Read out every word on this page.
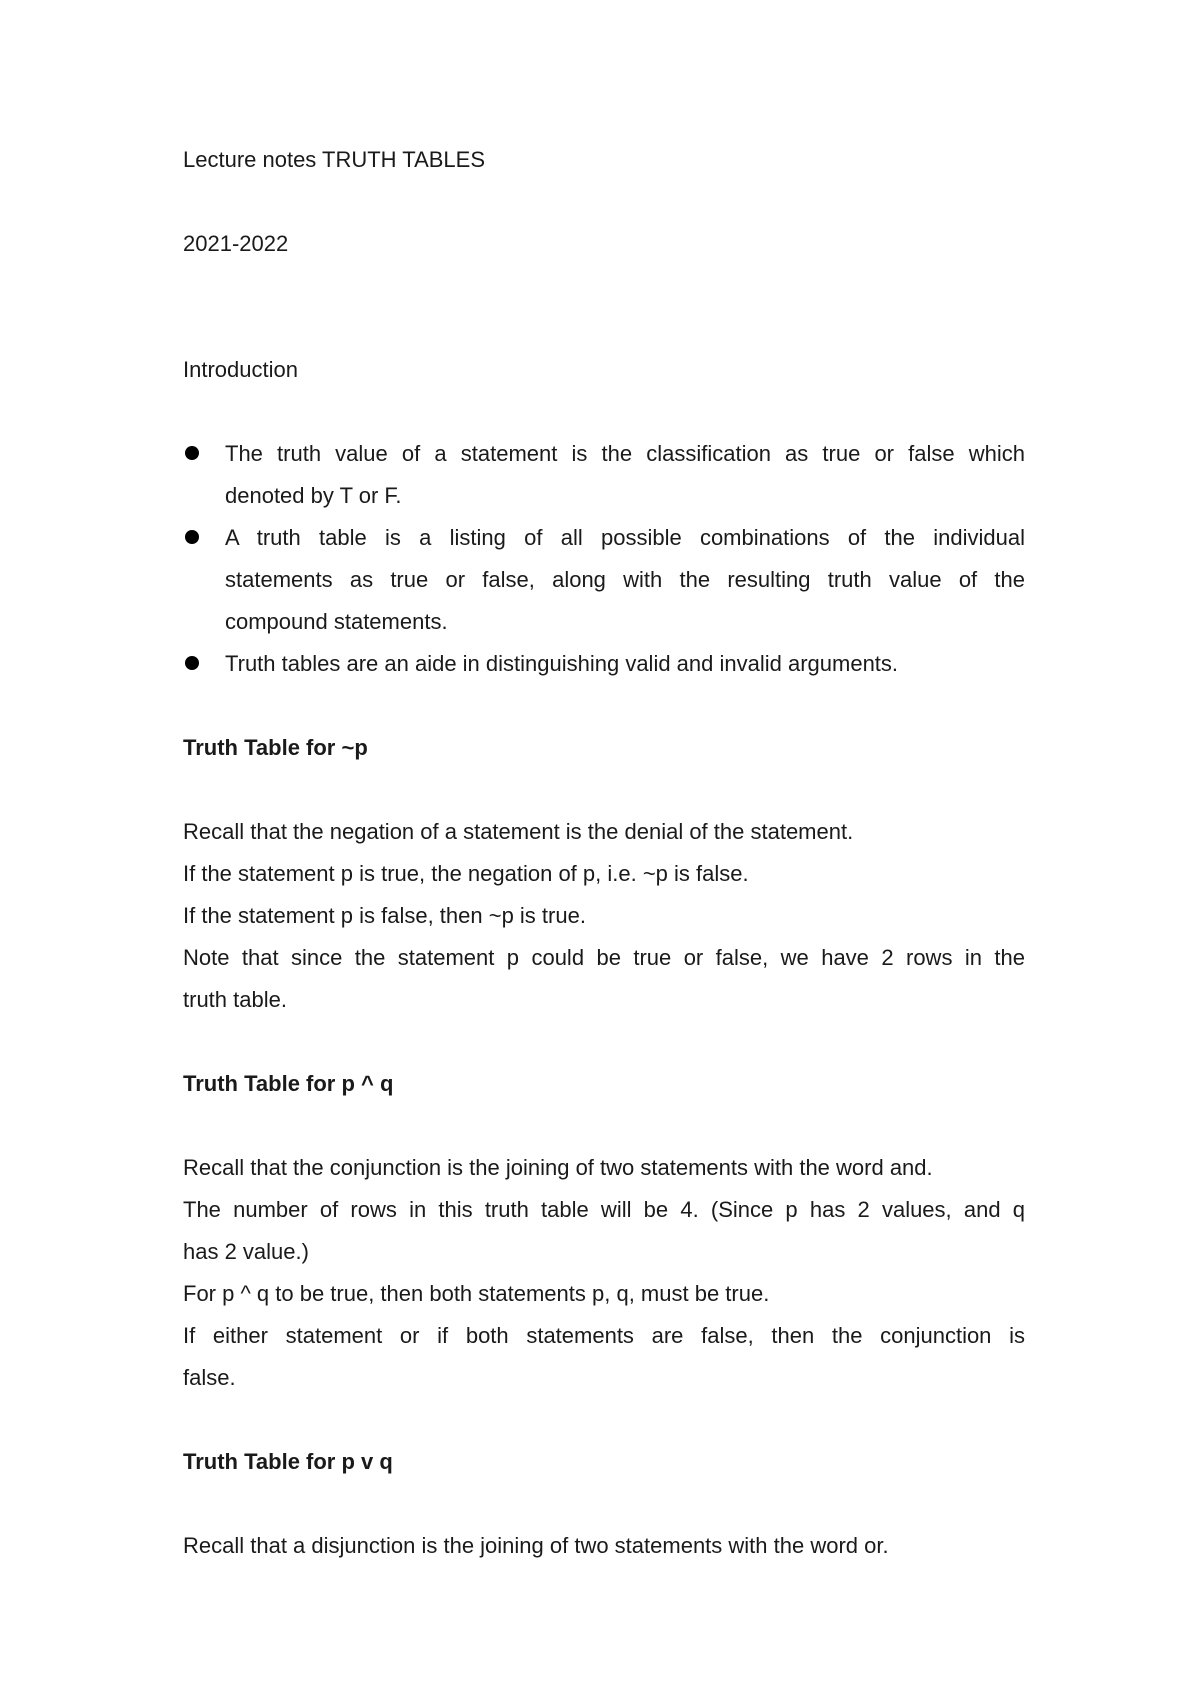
Lecture notes TRUTH TABLES
2021-2022
Introduction
The truth value of a statement is the classification as true or false which
denoted by T or F.
A truth table is a listing of all possible combinations of the individual
statements as true or false, along with the resulting truth value of the
compound statements.
Truth tables are an aide in distinguishing valid and invalid arguments.
Truth Table for ~p
Recall that the negation of a statement is the denial of the statement.
If the statement p is true, the negation of p, i.e. ~p is false.
If the statement p is false, then ~p is true.
Note that since the statement p could be true or false, we have 2 rows in the
truth table.
Truth Table for p ^ q
Recall that the conjunction is the joining of two statements with the word and.
The number of rows in this truth table will be 4. (Since p has 2 values, and q
has 2 value.)
For p ^ q to be true, then both statements p, q, must be true.
If either statement or if both statements are false, then the conjunction is
false.
Truth Table for p v q
Recall that a disjunction is the joining of two statements with the word or.
